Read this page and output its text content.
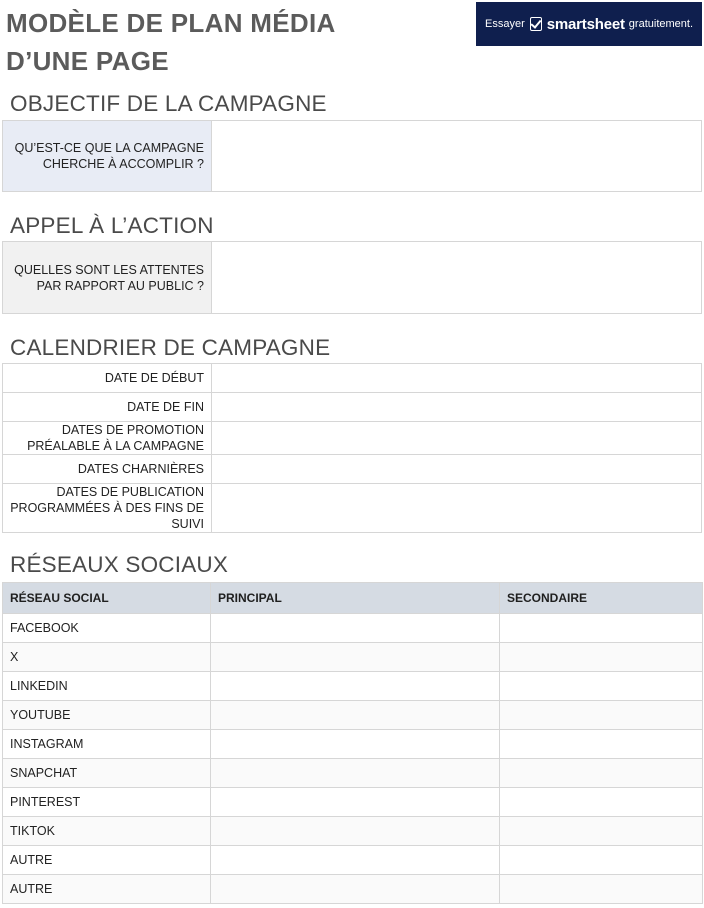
MODÈLE DE PLAN MÉDIA
D’UNE PAGE
Essayer smartsheet gratuitement.
OBJECTIF DE LA CAMPAGNE
QU’EST-CE QUE LA CAMPAGNE CHERCHE À ACCOMPLIR ?	
APPEL À L’ACTION
QUELLES SONT LES ATTENTES PAR RAPPORT AU PUBLIC ?	
CALENDRIER DE CAMPAGNE
DATE DE DÉBUT	
DATE DE FIN	
DATES DE PROMOTION PRÉALABLE À LA CAMPAGNE	
DATES CHARNIÈRES	
DATES DE PUBLICATION PROGRAMMÉES À DES FINS DE SUIVI	
RÉSEAUX SOCIAUX
RÉSEAU SOCIAL	PRINCIPAL	SECONDAIRE
FACEBOOK		
X		
LINKEDIN		
YOUTUBE		
INSTAGRAM		
SNAPCHAT		
PINTEREST		
TIKTOK		
AUTRE		
AUTRE		
